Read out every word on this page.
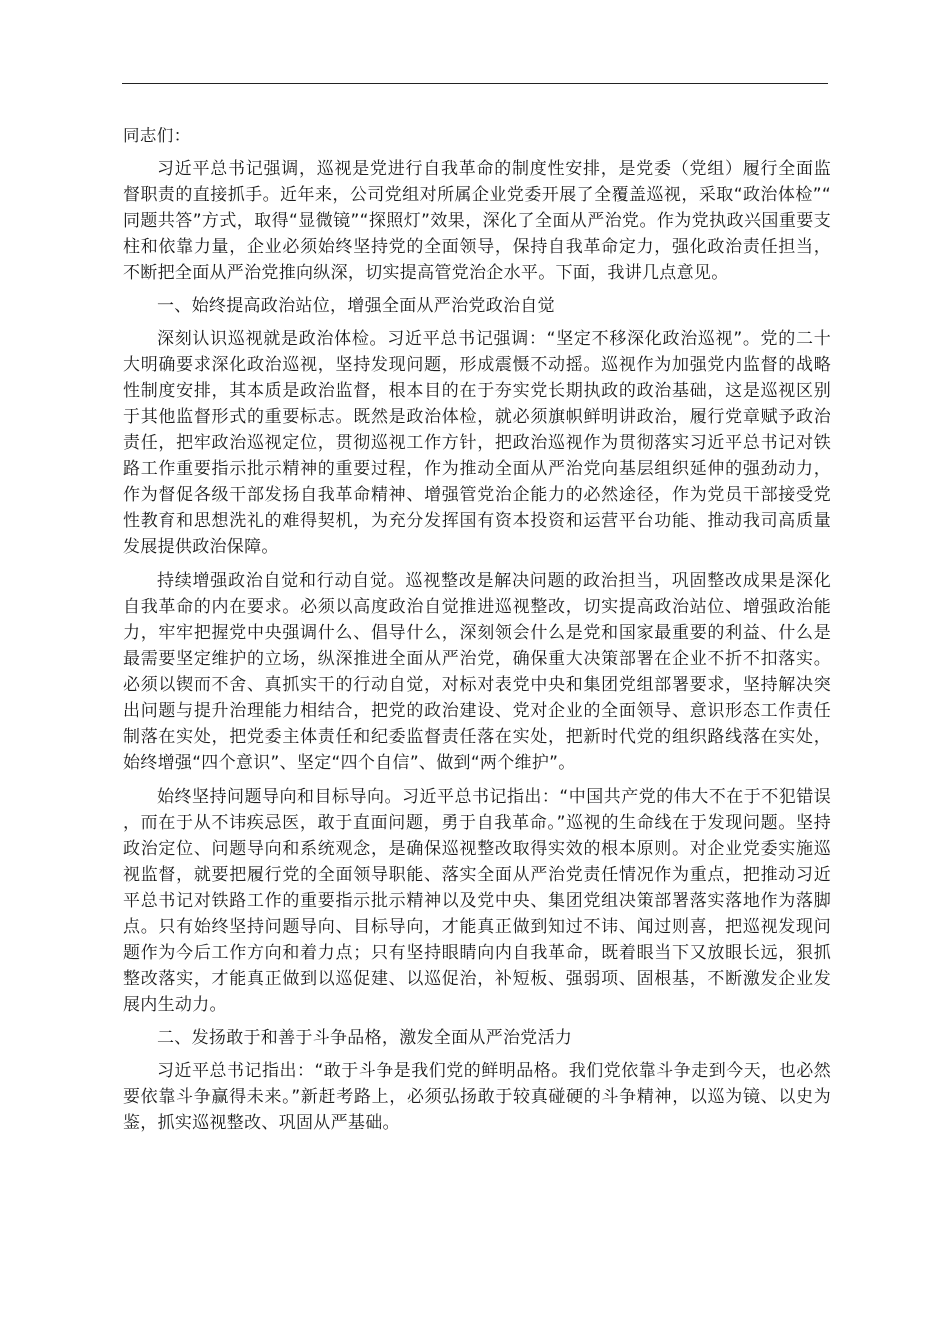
同志们：

习近平总书记强调，巡视是党进行自我革命的制度性安排，是党委（党组）履行全面监督职责的直接抓手。近年来，公司党组对所属企业党委开展了全覆盖巡视，采取“政治体检”“同题共答”方式，取得“显微镜”“探照灯”效果，深化了全面从严治党。作为党执政兴国重要支柱和依靠力量，企业必须始终坚持党的全面领导，保持自我革命定力，强化政治责任担当，不断把全面从严治党推向纵深，切实提高管党治企水平。下面，我讲几点意见。

一、始终提高政治站位，增强全面从严治党政治自觉

深刻认识巡视就是政治体检。习近平总书记强调：“坚定不移深化政治巡视”。党的二十大明确要求深化政治巡视，坚持发现问题，形成震慑不动摇。巡视作为加强党内监督的战略性制度安排，其本质是政治监督，根本目的在于夯实党长期执政的政治基础，这是巡视区别于其他监督形式的重要标志。既然是政治体检，就必须旗帜鲜明讲政治，履行党章赋予政治责任，把牢政治巡视定位，贯彻巡视工作方针，把政治巡视作为贯彻落实习近平总书记对铁路工作重要指示批示精神的重要过程，作为推动全面从严治党向基层组织延伸的强劲动力，作为督促各级干部发扬自我革命精神、增强管党治企能力的必然途径，作为党员干部接受党性教育和思想洗礼的难得契机，为充分发挥国有资本投资和运营平台功能、推动我司高质量发展提供政治保障。

持续增强政治自觉和行动自觉。巡视整改是解决问题的政治担当，巩固整改成果是深化自我革命的内在要求。必须以高度政治自觉推进巡视整改，切实提高政治站位、增强政治能力，牢牢把握党中央强调什么、倡导什么，深刻领会什么是党和国家最重要的利益、什么是最需要坚定维护的立场，纵深推进全面从严治党，确保重大决策部署在企业不折不扣落实。必须以锲而不舍、真抓实干的行动自觉，对标对表党中央和集团党组部署要求，坚持解决突出问题与提升治理能力相结合，把党的政治建设、党对企业的全面领导、意识形态工作责任制落在实处，把党委主体责任和纪委监督责任落在实处，把新时代党的组织路线落在实处，始终增强“四个意识”、坚定“四个自信”、做到“两个维护”。

始终坚持问题导向和目标导向。习近平总书记指出：“中国共产党的伟大不在于不犯错误，而在于从不讳疾忌医，敢于直面问题，勇于自我革命。”巡视的生命线在于发现问题。坚持政治定位、问题导向和系统观念，是确保巡视整改取得实效的根本原则。对企业党委实施巡视监督，就要把履行党的全面领导职能、落实全面从严治党责任情况作为重点，把推动习近平总书记对铁路工作的重要指示批示精神以及党中央、集团党组决策部署落实落地作为落脚点。只有始终坚持问题导向、目标导向，才能真正做到知过不讳、闻过则喜，把巡视发现问题作为今后工作方向和着力点；只有坚持眼睛向内自我革命，既着眼当下又放眼长远，狠抓整改落实，才能真正做到以巡促建、以巡促治，补短板、强弱项、固根基，不断激发企业发展内生动力。

二、发扬敢于和善于斗争品格，激发全面从严治党活力

习近平总书记指出：“敢于斗争是我们党的鲜明品格。我们党依靠斗争走到今天，也必然要依靠斗争赢得未来。”新赶考路上，必须弘扬敢于较真碰硬的斗争精神，以巡为镜、以史为鉴，抓实巡视整改、巩固从严基础。
